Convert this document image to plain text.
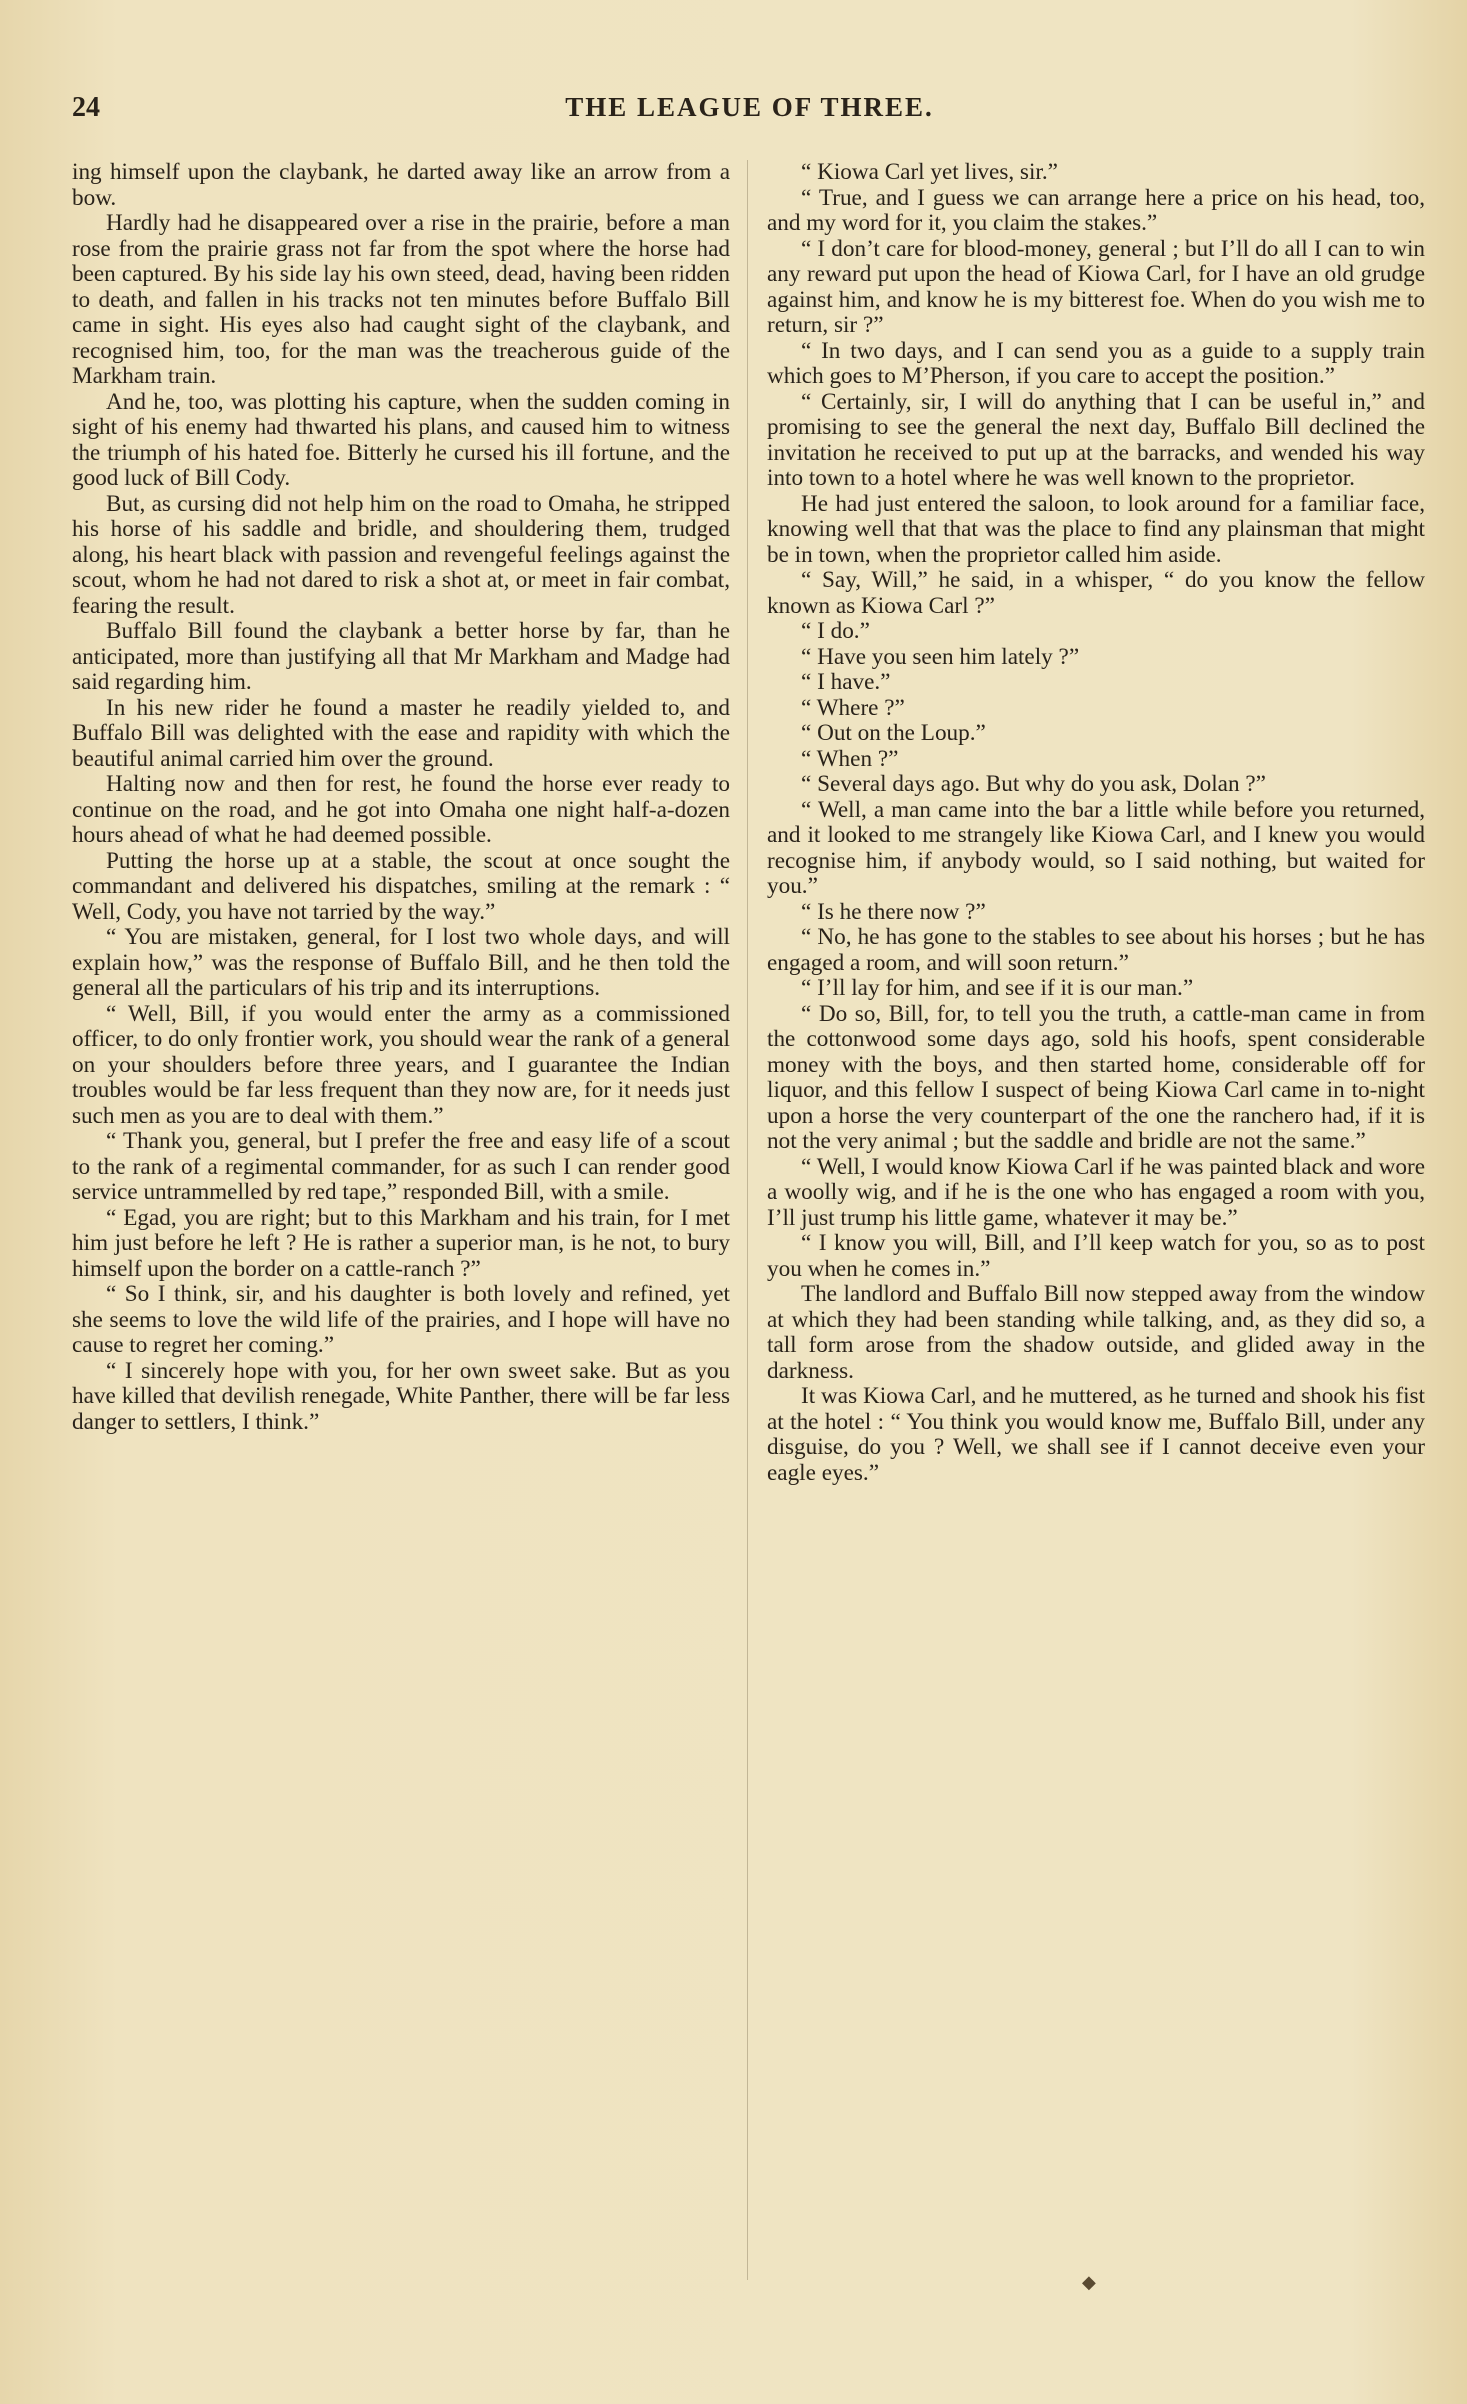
24	THE LEAGUE OF THREE.

ing himself upon the claybank, he darted away like an arrow from a bow.

Hardly had he disappeared over a rise in the prairie, before a man rose from the prairie grass not far from the spot where the horse had been captured. By his side lay his own steed, dead, having been ridden to death, and fallen in his tracks not ten minutes before Buffalo Bill came in sight. His eyes also had caught sight of the claybank, and recognised him, too, for the man was the treacherous guide of the Markham train.

And he, too, was plotting his capture, when the sudden coming in sight of his enemy had thwarted his plans, and caused him to witness the triumph of his hated foe. Bitterly he cursed his ill fortune, and the good luck of Bill Cody.

But, as cursing did not help him on the road to Omaha, he stripped his horse of his saddle and bridle, and shouldering them, trudged along, his heart black with passion and revengeful feelings against the scout, whom he had not dared to risk a shot at, or meet in fair combat, fearing the result.

Buffalo Bill found the claybank a better horse by far, than he anticipated, more than justifying all that Mr Markham and Madge had said regarding him.

In his new rider he found a master he readily yielded to, and Buffalo Bill was delighted with the ease and rapidity with which the beautiful animal carried him over the ground.

Halting now and then for rest, he found the horse ever ready to continue on the road, and he got into Omaha one night half-a-dozen hours ahead of what he had deemed possible.

Putting the horse up at a stable, the scout at once sought the commandant and delivered his dispatches, smiling at the remark : “ Well, Cody, you have not tarried by the way.”

“ You are mistaken, general, for I lost two whole days, and will explain how,” was the response of Buffalo Bill, and he then told the general all the particulars of his trip and its interruptions.

“ Well, Bill, if you would enter the army as a commissioned officer, to do only frontier work, you should wear the rank of a general on your shoulders before three years, and I guarantee the Indian troubles would be far less frequent than they now are, for it needs just such men as you are to deal with them.”

“ Thank you, general, but I prefer the free and easy life of a scout to the rank of a regimental commander, for as such I can render good service untrammelled by red tape,” responded Bill, with a smile.

“ Egad, you are right; but to this Markham and his train, for I met him just before he left ? He is rather a superior man, is he not, to bury himself upon the border on a cattle-ranch ?”

“ So I think, sir, and his daughter is both lovely and refined, yet she seems to love the wild life of the prairies, and I hope will have no cause to regret her coming.”

“ I sincerely hope with you, for her own sweet sake. But as you have killed that devilish renegade, White Panther, there will be far less danger to settlers, I think.”

“ Kiowa Carl yet lives, sir.”

“ True, and I guess we can arrange here a price on his head, too, and my word for it, you claim the stakes.”

“ I don’t care for blood-money, general ; but I’ll do all I can to win any reward put upon the head of Kiowa Carl, for I have an old grudge against him, and know he is my bitterest foe. When do you wish me to return, sir ?”

“ In two days, and I can send you as a guide to a supply train which goes to M’Pherson, if you care to accept the position.”

“ Certainly, sir, I will do anything that I can be useful in,” and promising to see the general the next day, Buffalo Bill declined the invitation he received to put up at the barracks, and wended his way into town to a hotel where he was well known to the proprietor.

He had just entered the saloon, to look around for a familiar face, knowing well that that was the place to find any plainsman that might be in town, when the proprietor called him aside.

“ Say, Will,” he said, in a whisper, “ do you know the fellow known as Kiowa Carl ?”

“ I do.”

“ Have you seen him lately ?”

“ I have.”

“ Where ?”

“ Out on the Loup.”

“ When ?”

“ Several days ago. But why do you ask, Dolan ?”

“ Well, a man came into the bar a little while before you returned, and it looked to me strangely like Kiowa Carl, and I knew you would recognise him, if anybody would, so I said nothing, but waited for you.”

“ Is he there now ?”

“ No, he has gone to the stables to see about his horses ; but he has engaged a room, and will soon return.”

“ I’ll lay for him, and see if it is our man.”

“ Do so, Bill, for, to tell you the truth, a cattle-man came in from the cottonwood some days ago, sold his hoofs, spent considerable money with the boys, and then started home, considerable off for liquor, and this fellow I suspect of being Kiowa Carl came in to-night upon a horse the very counterpart of the one the ranchero had, if it is not the very animal ; but the saddle and bridle are not the same.”

“ Well, I would know Kiowa Carl if he was painted black and wore a woolly wig, and if he is the one who has engaged a room with you, I’ll just trump his little game, whatever it may be.”

“ I know you will, Bill, and I’ll keep watch for you, so as to post you when he comes in.”

The landlord and Buffalo Bill now stepped away from the window at which they had been standing while talking, and, as they did so, a tall form arose from the shadow outside, and glided away in the darkness.

It was Kiowa Carl, and he muttered, as he turned and shook his fist at the hotel : “ You think you would know me, Buffalo Bill, under any disguise, do you ? Well, we shall see if I cannot deceive even your eagle eyes.”

◆
